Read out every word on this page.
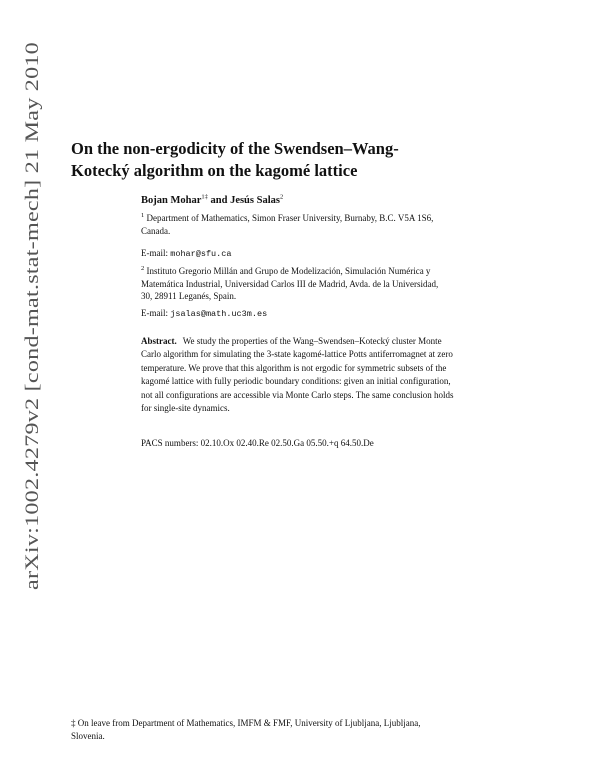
arXiv:1002.4279v2 [cond-mat.stat-mech] 21 May 2010
On the non-ergodicity of the Swendsen–Wang-
Kotecký algorithm on the kagomé lattice
Bojan Mohar$^{1\ddagger}$ and Jesús Salas$^2$
$^1$ Department of Mathematics, Simon Fraser University, Burnaby, B.C. V5A 1S6,
Canada.
E-mail: mohar@sfu.ca
$^2$ Instituto Gregorio Millán and Grupo de Modelización, Simulación Numérica y
Matemática Industrial, Universidad Carlos III de Madrid, Avda. de la Universidad,
30, 28911 Leganés, Spain.
E-mail: jsalas@math.uc3m.es
Abstract. We study the properties of the Wang–Swendsen–Kotecký cluster Monte
Carlo algorithm for simulating the 3-state kagomé-lattice Potts antiferromagnet at zero
temperature. We prove that this algorithm is not ergodic for symmetric subsets of the
kagomé lattice with fully periodic boundary conditions: given an initial configuration,
not all configurations are accessible via Monte Carlo steps. The same conclusion holds
for single-site dynamics.
PACS numbers: 02.10.Ox 02.40.Re 02.50.Ga 05.50.+q 64.50.De
‡ On leave from Department of Mathematics, IMFM & FMF, University of Ljubljana, Ljubljana,
Slovenia.
